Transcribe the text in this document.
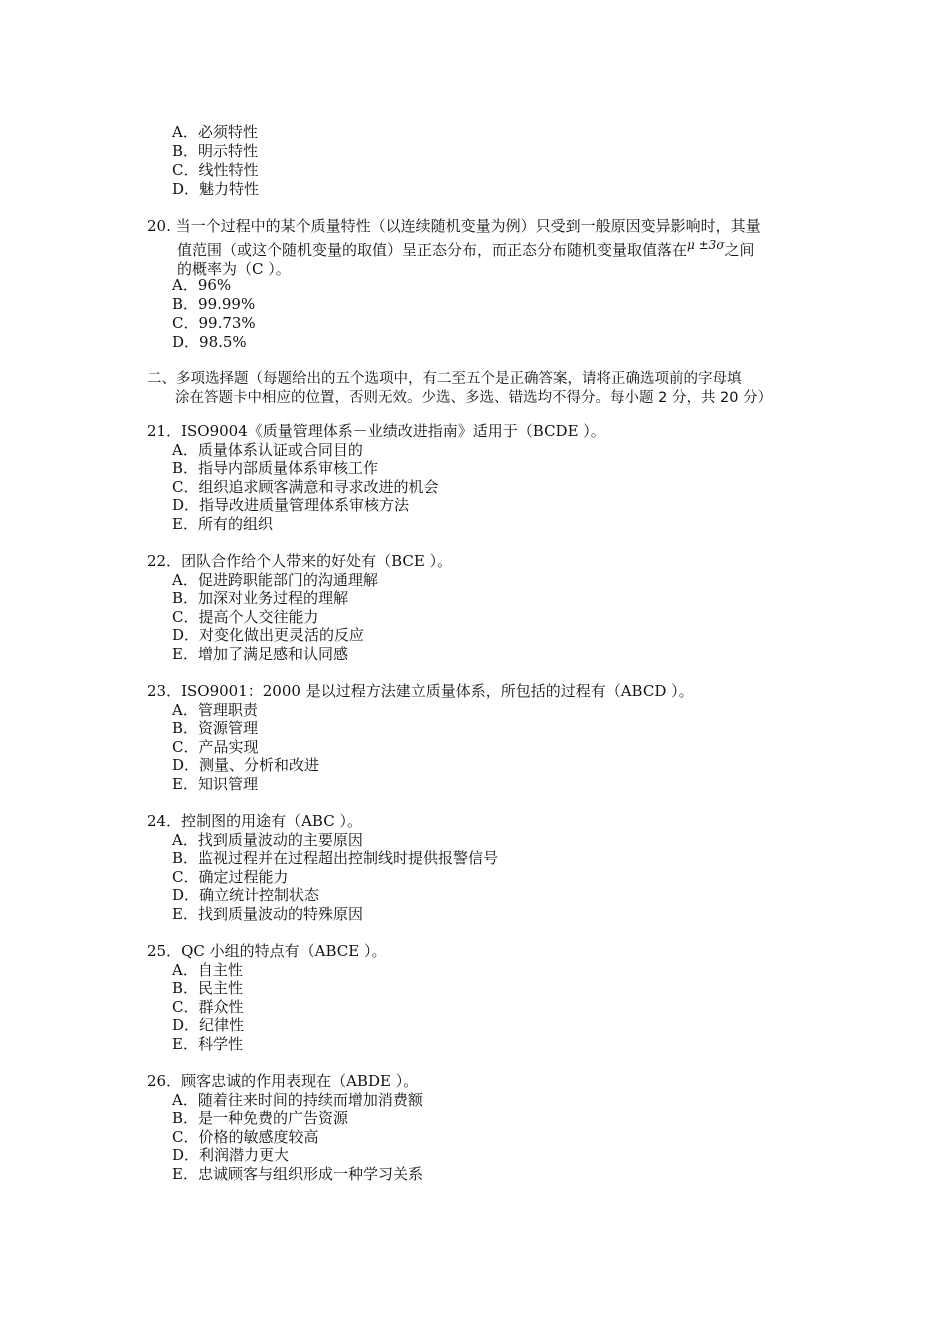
A．必须特性
B．明示特性
C．线性特性
D．魅力特性
20. 当一个过程中的某个质量特性（以连续随机变量为例）只受到一般原因变异影响时，其量
值范围（或这个随机变量的取值）呈正态分布，而正态分布随机变量取值落在$^{\mu \pm 3\sigma}$之间
的概率为（C ）。
A．96%
B．99.99%
C．99.73%
D．98.5%
二、多项选择题（每题给出的五个选项中，有二至五个是正确答案，请将正确选项前的字母填
涂在答题卡中相应的位置，否则无效。少选、多选、错选均不得分。每小题 2 分，共 20 分）
21．ISO9004《质量管理体系－业绩改进指南》适用于（BCDE ）。
A．质量体系认证或合同目的
B．指导内部质量体系审核工作
C．组织追求顾客满意和寻求改进的机会
D．指导改进质量管理体系审核方法
E．所有的组织
22．团队合作给个人带来的好处有（BCE ）。
A．促进跨职能部门的沟通理解
B．加深对业务过程的理解
C．提高个人交往能力
D．对变化做出更灵活的反应
E．增加了满足感和认同感
23．ISO9001：2000 是以过程方法建立质量体系，所包括的过程有（ABCD ）。
A．管理职责
B．资源管理
C．产品实现
D．测量、分析和改进
E．知识管理
24．控制图的用途有（ABC ）。
A．找到质量波动的主要原因
B．监视过程并在过程超出控制线时提供报警信号
C．确定过程能力
D．确立统计控制状态
E．找到质量波动的特殊原因
25．QC 小组的特点有（ABCE ）。
A．自主性
B．民主性
C．群众性
D．纪律性
E．科学性
26．顾客忠诚的作用表现在（ABDE ）。
A．随着往来时间的持续而增加消费额
B．是一种免费的广告资源
C．价格的敏感度较高
D．利润潜力更大
E．忠诚顾客与组织形成一种学习关系
